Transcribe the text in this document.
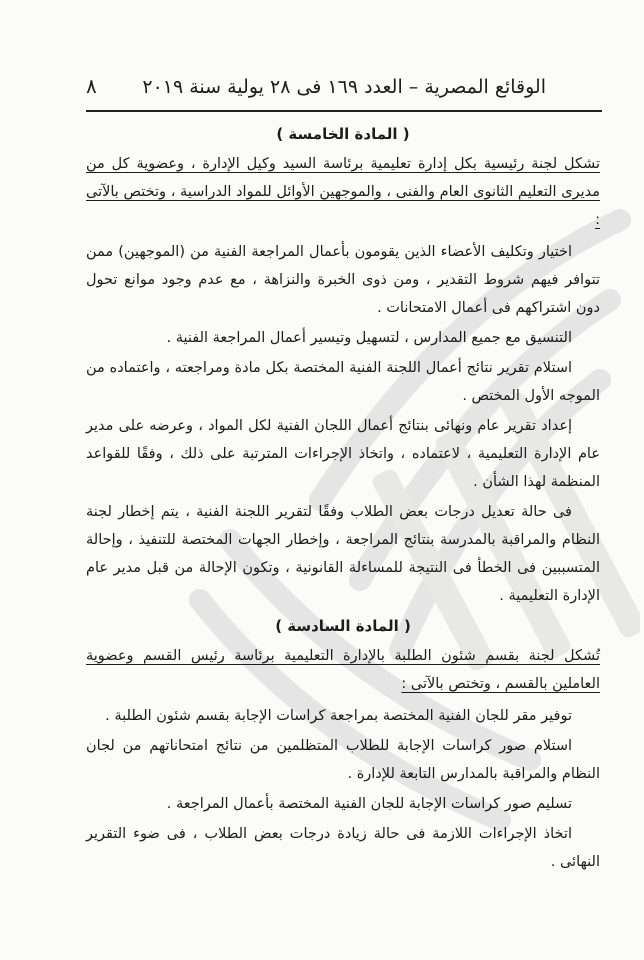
الوقائع المصرية – العدد ١٦٩ فى ٢٨ يولية سنة ٢٠١٩
٨
( المادة الخامسة )

تشكل لجنة رئيسية بكل إدارة تعليمية برئاسة السيد وكيل الإدارة ، وعضوية كل من مديرى التعليم الثانوى العام والفنى ، والموجهين الأوائل للمواد الدراسية ، وتختص بالآتى :

اختيار وتكليف الأعضاء الذين يقومون بأعمال المراجعة الفنية من (الموجهين) ممن تتوافر فيهم شروط التقدير ، ومن ذوى الخبرة والنزاهة ، مع عدم وجود موانع تحول دون اشتراكهم فى أعمال الامتحانات .

التنسيق مع جميع المدارس ، لتسهيل وتيسير أعمال المراجعة الفنية .

استلام تقرير نتائج أعمال اللجنة الفنية المختصة بكل مادة ومراجعته ، واعتماده من الموجه الأول المختص .

إعداد تقرير عام ونهائى بنتائج أعمال اللجان الفنية لكل المواد ، وعرضه على مدير عام الإدارة التعليمية ، لاعتماده ، واتخاذ الإجراءات المترتبة على ذلك ، وفقًا للقواعد المنظمة لهذا الشأن .

فى حالة تعديل درجات بعض الطلاب وفقًا لتقرير اللجنة الفنية ، يتم إخطار لجنة النظام والمراقبة بالمدرسة بنتائج المراجعة ، وإخطار الجهات المختصة للتنفيذ ، وإحالة المتسببين فى الخطأ فى النتيجة للمساءلة القانونية ، وتكون الإحالة من قبل مدير عام الإدارة التعليمية .

( المادة السادسة )

تُشكل لجنة بقسم شئون الطلبة بالإدارة التعليمية برئاسة رئيس القسم وعضوية العاملين بالقسم ، وتختص بالآتى :

توفير مقر للجان الفنية المختصة بمراجعة كراسات الإجابة بقسم شئون الطلبة .

استلام صور كراسات الإجابة للطلاب المتظلمين من نتائج امتحاناتهم من لجان النظام والمراقبة بالمدارس التابعة للإدارة .

تسليم صور كراسات الإجابة للجان الفنية المختصة بأعمال المراجعة .

اتخاذ الإجراءات اللازمة فى حالة زيادة درجات بعض الطلاب ، فى ضوء التقرير النهائى .
